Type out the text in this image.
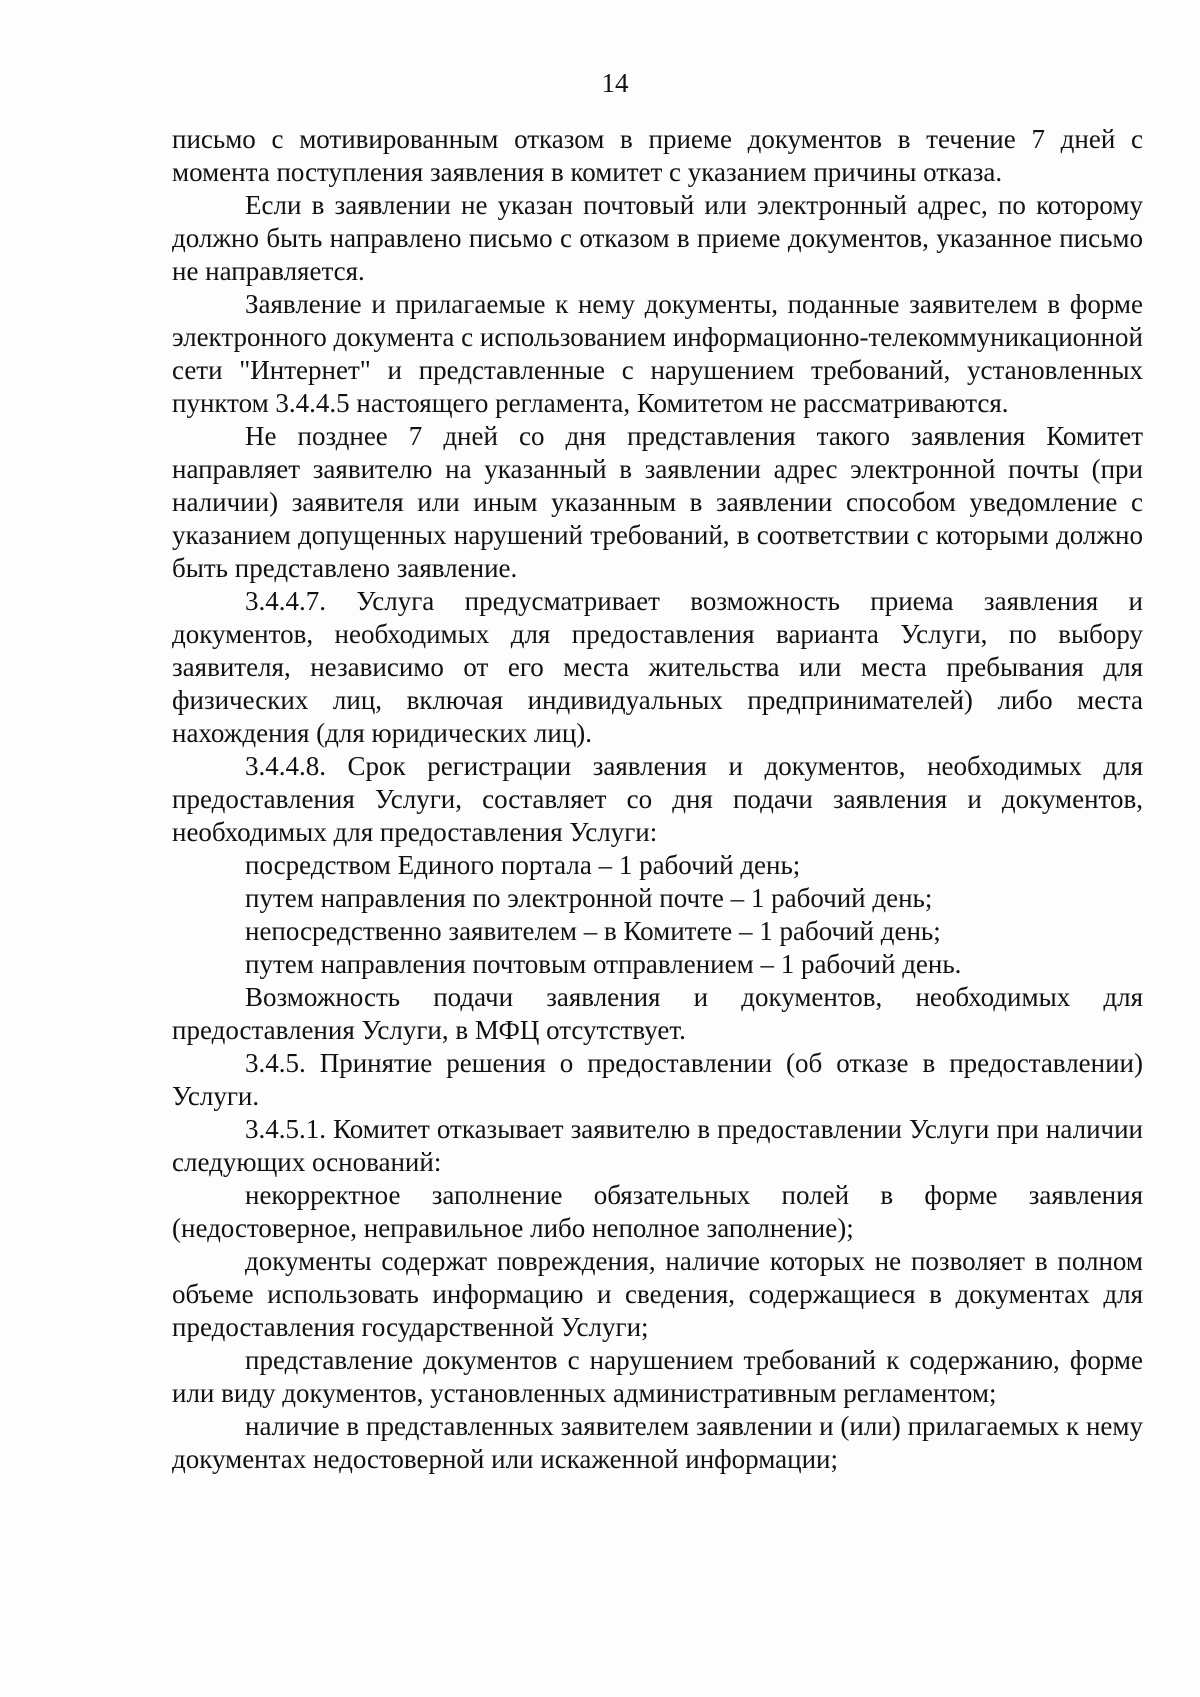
14

письмо с мотивированным отказом в приеме документов в течение 7 дней с момента поступления заявления в комитет с указанием причины отказа.

Если в заявлении не указан почтовый или электронный адрес, по которому должно быть направлено письмо с отказом в приеме документов, указанное письмо не направляется.

Заявление и прилагаемые к нему документы, поданные заявителем в форме электронного документа с использованием информационно-телекоммуникационной сети "Интернет" и представленные с нарушением требований, установленных пунктом 3.4.4.5 настоящего регламента, Комитетом не рассматриваются.

Не позднее 7 дней со дня представления такого заявления Комитет направляет заявителю на указанный в заявлении адрес электронной почты (при наличии) заявителя или иным указанным в заявлении способом уведомление с указанием допущенных нарушений требований, в соответствии с которыми должно быть представлено заявление.

3.4.4.7. Услуга предусматривает возможность приема заявления и документов, необходимых для предоставления варианта Услуги, по выбору заявителя, независимо от его места жительства или места пребывания для физических лиц, включая индивидуальных предпринимателей) либо места нахождения (для юридических лиц).

3.4.4.8. Срок регистрации заявления и документов, необходимых для предоставления Услуги, составляет со дня подачи заявления и документов, необходимых для предоставления Услуги:

посредством Единого портала – 1 рабочий день;

путем направления по электронной почте – 1 рабочий день;

непосредственно заявителем – в Комитете – 1 рабочий день;

путем направления почтовым отправлением – 1 рабочий день.

Возможность подачи заявления и документов, необходимых для предоставления Услуги, в МФЦ отсутствует.

3.4.5. Принятие решения о предоставлении (об отказе в предоставлении) Услуги.

3.4.5.1. Комитет отказывает заявителю в предоставлении Услуги при наличии следующих оснований:

некорректное заполнение обязательных полей в форме заявления (недостоверное, неправильное либо неполное заполнение);

документы содержат повреждения, наличие которых не позволяет в полном объеме использовать информацию и сведения, содержащиеся в документах для предоставления государственной Услуги;

представление документов с нарушением требований к содержанию, форме или виду документов, установленных административным регламентом;

наличие в представленных заявителем заявлении и (или) прилагаемых к нему документах недостоверной или искаженной информации;
